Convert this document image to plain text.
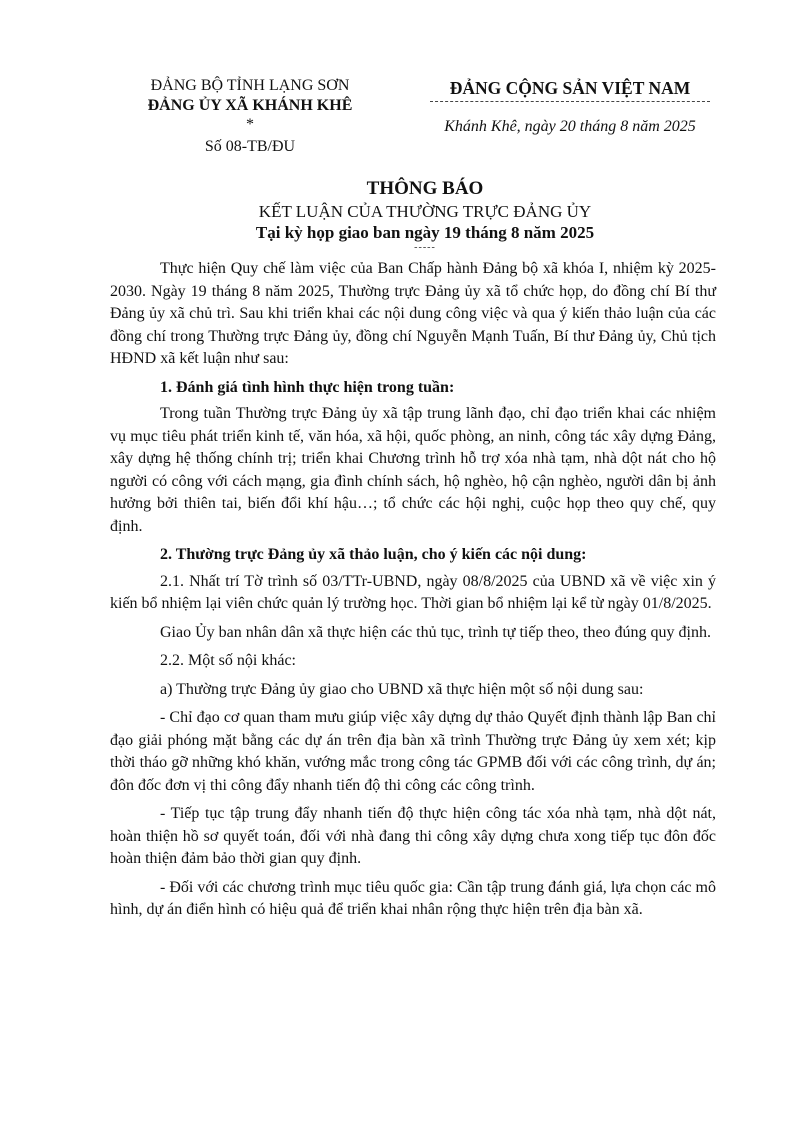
ĐẢNG BỘ TỈNH LẠNG SƠN
ĐẢNG ỦY XÃ KHÁNH KHÊ
*
Số 08-TB/ĐU
ĐẢNG CỘNG SẢN VIỆT NAM
Khánh Khê, ngày 20 tháng 8 năm 2025
THÔNG BÁO
KẾT LUẬN CỦA THƯỜNG TRỰC ĐẢNG ỦY
Tại kỳ họp giao ban ngày 19 tháng 8 năm 2025
-----

Thực hiện Quy chế làm việc của Ban Chấp hành Đảng bộ xã khóa I, nhiệm kỳ 2025-2030. Ngày 19 tháng 8 năm 2025, Thường trực Đảng ủy xã tổ chức họp, do đồng chí Bí thư Đảng ủy xã chủ trì. Sau khi triển khai các nội dung công việc và qua ý kiến thảo luận của các đồng chí trong Thường trực Đảng ủy, đồng chí Nguyễn Mạnh Tuấn, Bí thư Đảng ủy, Chủ tịch HĐND xã kết luận như sau:

1. Đánh giá tình hình thực hiện trong tuần:

Trong tuần Thường trực Đảng ủy xã tập trung lãnh đạo, chỉ đạo triển khai các nhiệm vụ mục tiêu phát triển kinh tế, văn hóa, xã hội, quốc phòng, an ninh, công tác xây dựng Đảng, xây dựng hệ thống chính trị; triển khai Chương trình hỗ trợ xóa nhà tạm, nhà dột nát cho hộ người có công với cách mạng, gia đình chính sách, hộ nghèo, hộ cận nghèo, người dân bị ảnh hưởng bởi thiên tai, biến đổi khí hậu…; tổ chức các hội nghị, cuộc họp theo quy chế, quy định.

2. Thường trực Đảng ủy xã thảo luận, cho ý kiến các nội dung:

2.1. Nhất trí Tờ trình số 03/TTr-UBND, ngày 08/8/2025 của UBND xã về việc xin ý kiến bổ nhiệm lại viên chức quản lý trường học. Thời gian bổ nhiệm lại kể từ ngày 01/8/2025.

Giao Ủy ban nhân dân xã thực hiện các thủ tục, trình tự tiếp theo, theo đúng quy định.

2.2. Một số nội khác:

a) Thường trực Đảng ủy giao cho UBND xã thực hiện một số nội dung sau:

- Chỉ đạo cơ quan tham mưu giúp việc xây dựng dự thảo Quyết định thành lập Ban chỉ đạo giải phóng mặt bằng các dự án trên địa bàn xã trình Thường trực Đảng ủy xem xét; kịp thời tháo gỡ những khó khăn, vướng mắc trong công tác GPMB đối với các công trình, dự án; đôn đốc đơn vị thi công đẩy nhanh tiến độ thi công các công trình.

- Tiếp tục tập trung đẩy nhanh tiến độ thực hiện công tác xóa nhà tạm, nhà dột nát, hoàn thiện hồ sơ quyết toán, đối với nhà đang thi công xây dựng chưa xong tiếp tục đôn đốc hoàn thiện đảm bảo thời gian quy định.

- Đối với các chương trình mục tiêu quốc gia: Cần tập trung đánh giá, lựa chọn các mô hình, dự án điển hình có hiệu quả để triển khai nhân rộng thực hiện trên địa bàn xã.
